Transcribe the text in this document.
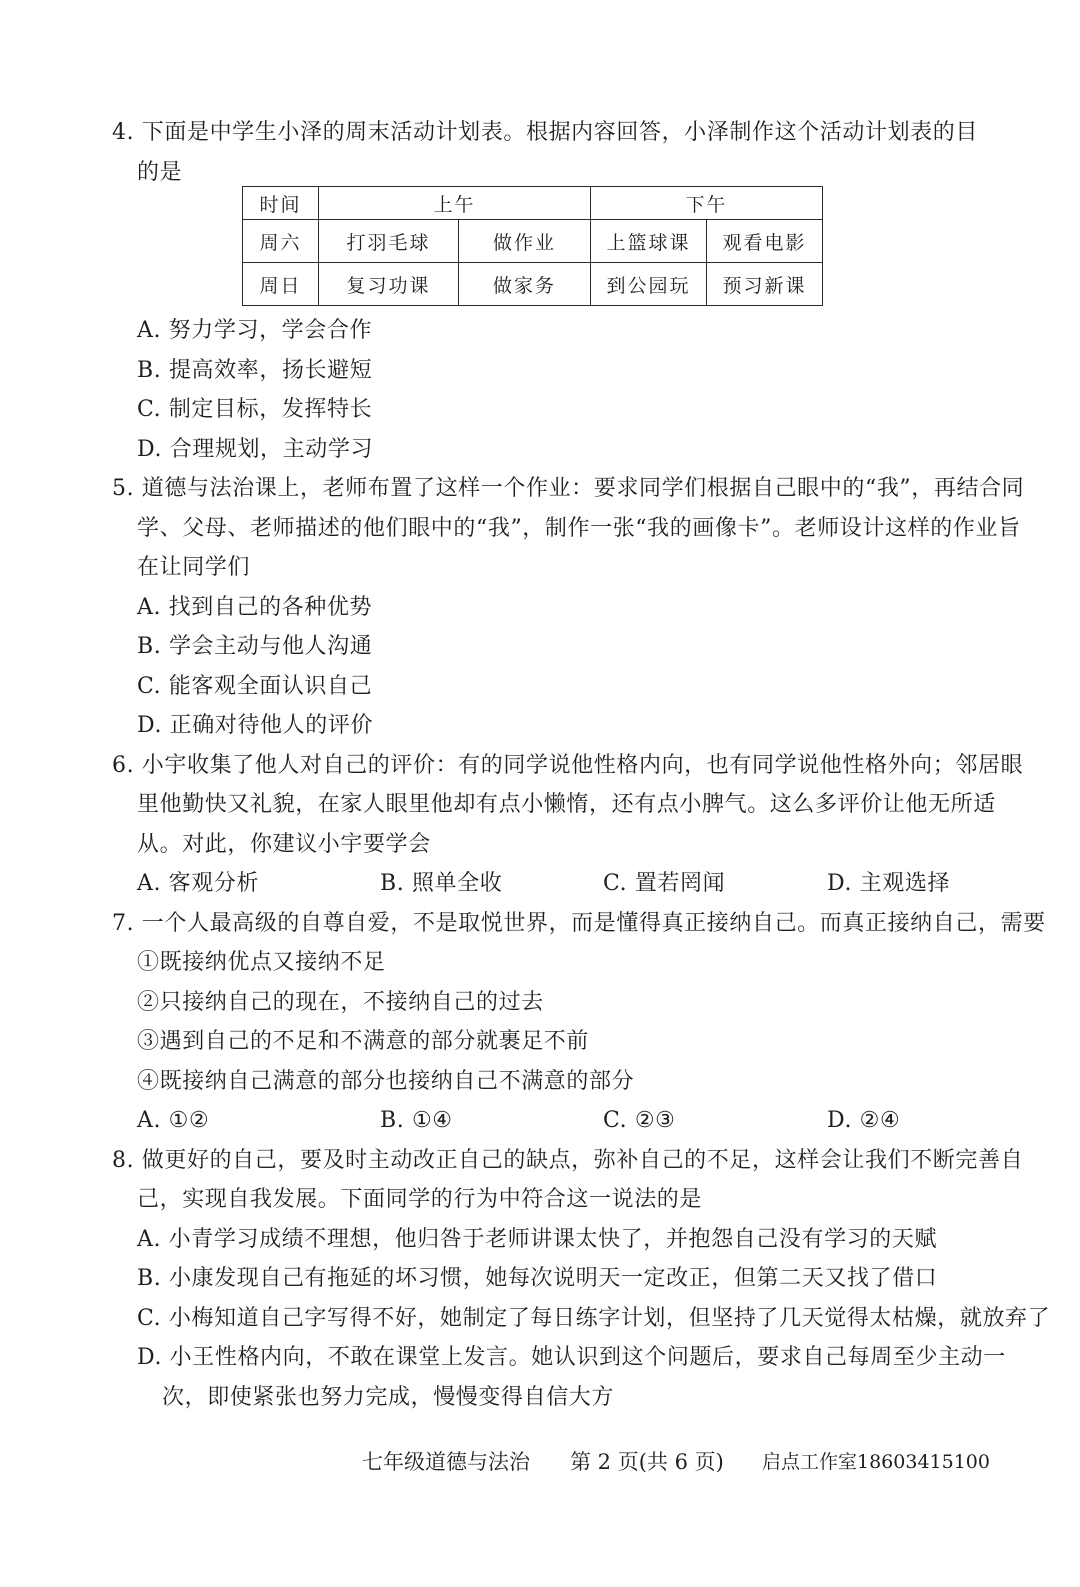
4. 下面是中学生小泽的周末活动计划表。根据内容回答，小泽制作这个活动计划表的目
的是
时间	上午		下午	
周六	打羽毛球	做作业	上篮球课	观看电影
周日	复习功课	做家务	到公园玩	预习新课
A. 努力学习，学会合作
B. 提高效率，扬长避短
C. 制定目标，发挥特长
D. 合理规划，主动学习
5. 道德与法治课上，老师布置了这样一个作业：要求同学们根据自己眼中的“我”，再结合同
学、父母、老师描述的他们眼中的“我”，制作一张“我的画像卡”。老师设计这样的作业旨
在让同学们
A. 找到自己的各种优势
B. 学会主动与他人沟通
C. 能客观全面认识自己
D. 正确对待他人的评价
6. 小宇收集了他人对自己的评价：有的同学说他性格内向，也有同学说他性格外向；邻居眼
里他勤快又礼貌，在家人眼里他却有点小懒惰，还有点小脾气。这么多评价让他无所适
从。对此，你建议小宇要学会
A. 客观分析	B. 照单全收	C. 置若罔闻	D. 主观选择
7. 一个人最高级的自尊自爱，不是取悦世界，而是懂得真正接纳自己。而真正接纳自己，需要
①既接纳优点又接纳不足
②只接纳自己的现在，不接纳自己的过去
③遇到自己的不足和不满意的部分就裹足不前
④既接纳自己满意的部分也接纳自己不满意的部分
A. ①②	B. ①④	C. ②③	D. ②④
8. 做更好的自己，要及时主动改正自己的缺点，弥补自己的不足，这样会让我们不断完善自
己，实现自我发展。下面同学的行为中符合这一说法的是
A. 小青学习成绩不理想，他归咎于老师讲课太快了，并抱怨自己没有学习的天赋
B. 小康发现自己有拖延的坏习惯，她每次说明天一定改正，但第二天又找了借口
C. 小梅知道自己字写得不好，她制定了每日练字计划，但坚持了几天觉得太枯燥，就放弃了
D. 小王性格内向，不敢在课堂上发言。她认识到这个问题后，要求自己每周至少主动一
次，即使紧张也努力完成，慢慢变得自信大方
七年级道德与法治 第 2 页(共 6 页) 启点工作室18603415100
